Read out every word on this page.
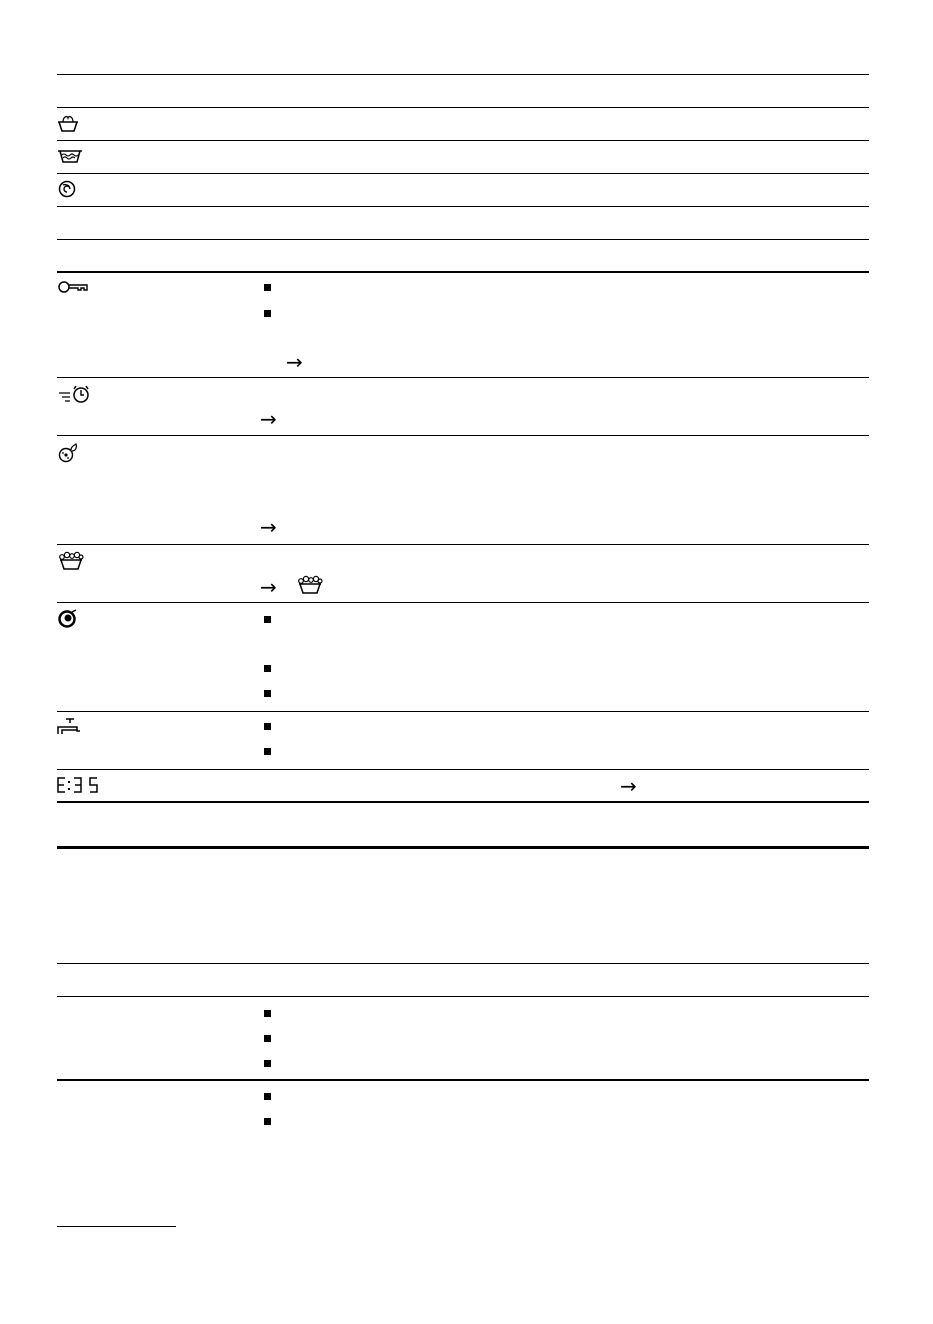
→
→
→
→
→
